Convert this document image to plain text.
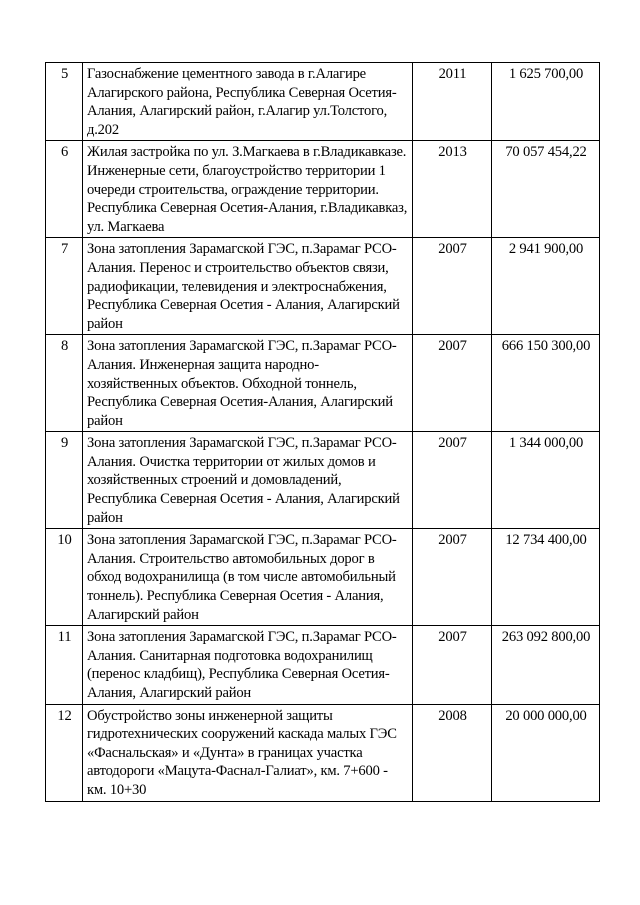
5	Газоснабжение цементного завода в г.Алагире Алагирского района, Республика Северная Осетия-Алания, Алагирский район, г.Алагир ул.Толстого, д.202	2011	1 625 700,00
6	Жилая застройка по ул. З.Магкаева в г.Владикавказе. Инженерные сети, благоустройство территории 1 очереди строительства, ограждение территории. Республика Северная Осетия-Алания, г.Владикавказ, ул. Магкаева	2013	70 057 454,22
7	Зона затопления Зарамагской ГЭС, п.Зарамаг РСО-Алания. Перенос и строительство объектов связи, радиофикации, телевидения и электроснабжения, Республика Северная Осетия - Алания, Алагирский район	2007	2 941 900,00
8	Зона затопления Зарамагской ГЭС, п.Зарамаг РСО-Алания. Инженерная защита народно-хозяйственных объектов. Обходной тоннель, Республика Северная Осетия-Алания, Алагирский район	2007	666 150 300,00
9	Зона затопления Зарамагской ГЭС, п.Зарамаг РСО-Алания. Очистка территории от жилых домов и хозяйственных строений и домовладений, Республика Северная Осетия - Алания, Алагирский район	2007	1 344 000,00
10	Зона затопления Зарамагской ГЭС, п.Зарамаг РСО-Алания. Строительство автомобильных дорог в обход водохранилища (в том числе автомобильный тоннель). Республика Северная Осетия - Алания, Алагирский район	2007	12 734 400,00
11	Зона затопления Зарамагской ГЭС, п.Зарамаг РСО-Алания. Санитарная подготовка водохранилищ (перенос кладбищ), Республика Северная Осетия- Алания, Алагирский район	2007	263 092 800,00
12	Обустройство зоны инженерной защиты гидротехнических сооружений каскада малых ГЭС «Фаснальская» и «Дунта» в границах участка автодороги «Мацута-Фаснал-Галиат», км. 7+600 - км. 10+30	2008	20 000 000,00
